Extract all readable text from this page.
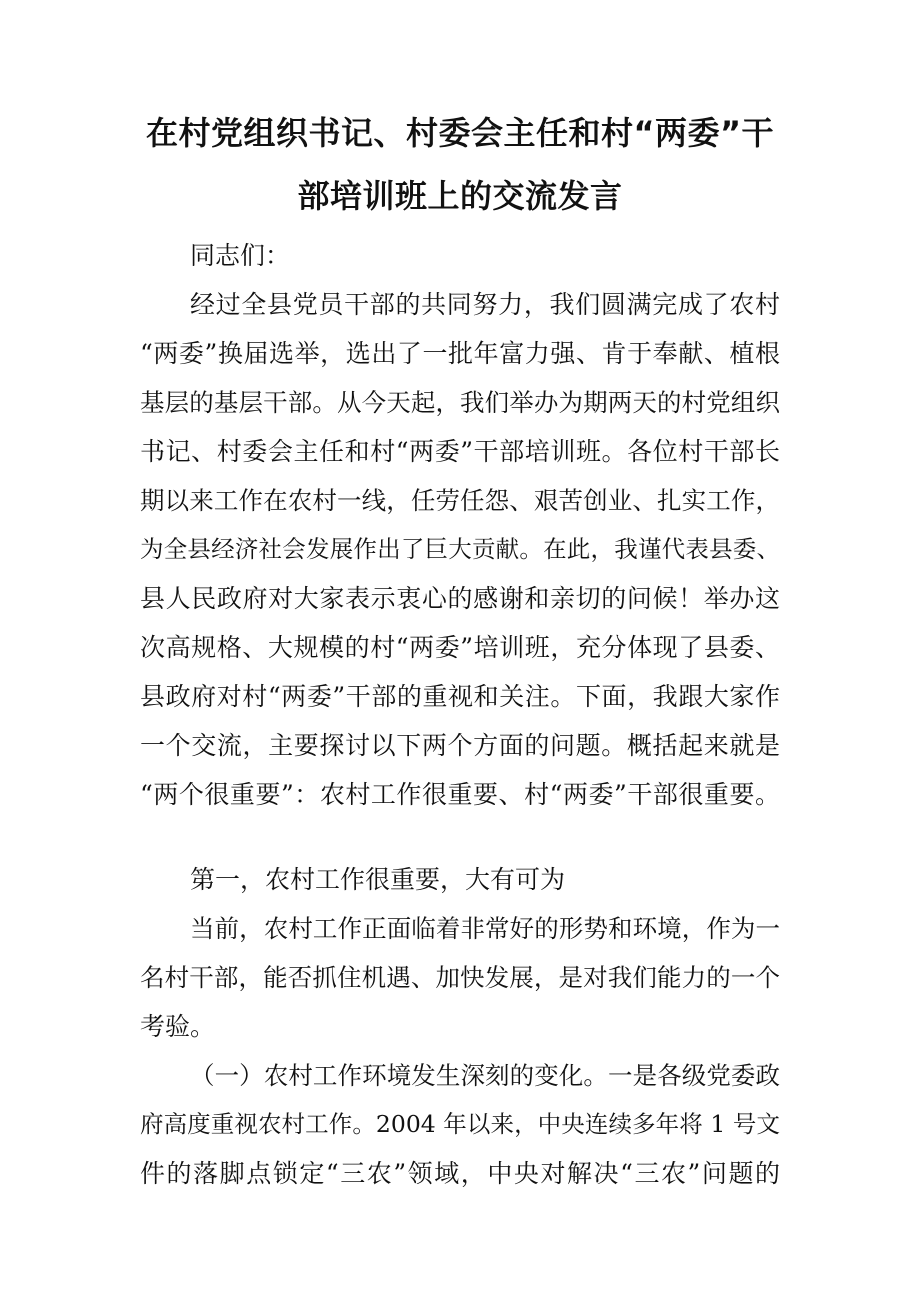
在村党组织书记、村委会主任和村“两委”干
部培训班上的交流发言
同志们：
经过全县党员干部的共同努力，我们圆满完成了农村
“两委”换届选举，选出了一批年富力强、肯于奉献、植根
基层的基层干部。从今天起，我们举办为期两天的村党组织
书记、村委会主任和村“两委”干部培训班。各位村干部长
期以来工作在农村一线，任劳任怨、艰苦创业、扎实工作，
为全县经济社会发展作出了巨大贡献。在此，我谨代表县委、
县人民政府对大家表示衷心的感谢和亲切的问候！举办这
次高规格、大规模的村“两委”培训班，充分体现了县委、
县政府对村“两委”干部的重视和关注。下面，我跟大家作
一个交流，主要探讨以下两个方面的问题。概括起来就是
“两个很重要”：农村工作很重要、村“两委”干部很重要。
第一，农村工作很重要，大有可为
当前，农村工作正面临着非常好的形势和环境，作为一
名村干部，能否抓住机遇、加快发展，是对我们能力的一个
考验。
（一）农村工作环境发生深刻的变化。一是各级党委政
府高度重视农村工作。2004 年以来，中央连续多年将 1 号文
件的落脚点锁定“三农”领域，中央对解决“三农”问题的
